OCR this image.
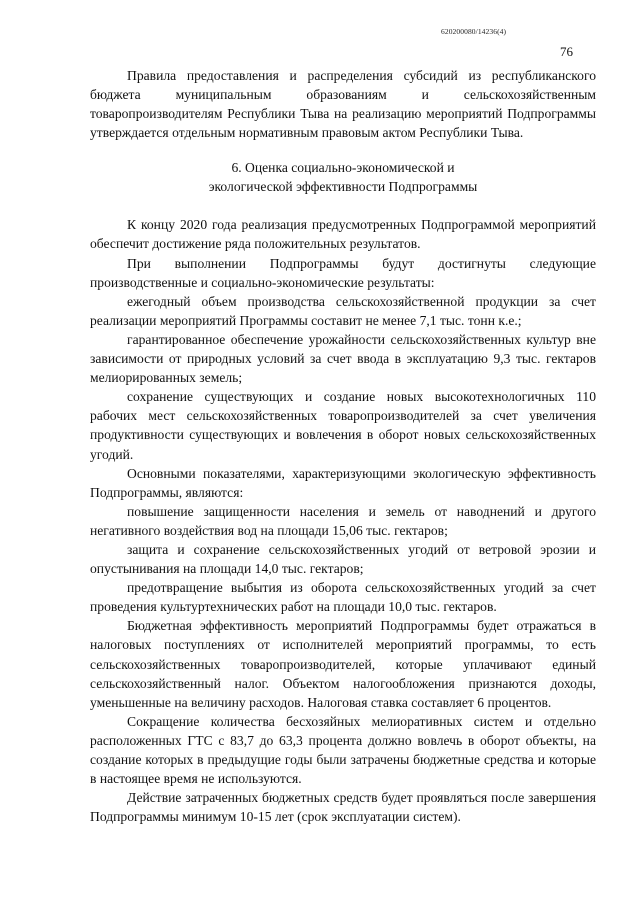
620200080/14236(4)
76

Правила предоставления и распределения субсидий из республиканского бюджета муниципальным образованиям и сельскохозяйственным товаропроизводителям Республики Тыва на реализацию мероприятий Подпрограммы утверждается отдельным нормативным правовым актом Республики Тыва.

6. Оценка социально-экономической и
экологической эффективности Подпрограммы

К концу 2020 года реализация предусмотренных Подпрограммой мероприятий обеспечит достижение ряда положительных результатов.

При выполнении Подпрограммы будут достигнуты следующие производственные и социально-экономические результаты:

ежегодный объем производства сельскохозяйственной продукции за счет реализации мероприятий Программы составит не менее 7,1 тыс. тонн к.е.;

гарантированное обеспечение урожайности сельскохозяйственных культур вне зависимости от природных условий за счет ввода в эксплуатацию 9,3 тыс. гектаров мелиорированных земель;

сохранение существующих и создание новых высокотехнологичных 110 рабочих мест сельскохозяйственных товаропроизводителей за счет увеличения продуктивности существующих и вовлечения в оборот новых сельскохозяйственных угодий.

Основными показателями, характеризующими экологическую эффективность Подпрограммы, являются:

повышение защищенности населения и земель от наводнений и другого негативного воздействия вод на площади 15,06 тыс. гектаров;

защита и сохранение сельскохозяйственных угодий от ветровой эрозии и опустынивания на площади 14,0 тыс. гектаров;

предотвращение выбытия из оборота сельскохозяйственных угодий за счет проведения культуртехнических работ на площади 10,0 тыс. гектаров.

Бюджетная эффективность мероприятий Подпрограммы будет отражаться в налоговых поступлениях от исполнителей мероприятий программы, то есть сельскохозяйственных товаропроизводителей, которые уплачивают единый сельскохозяйственный налог. Объектом налогообложения признаются доходы, уменьшенные на величину расходов. Налоговая ставка составляет 6 процентов.

Сокращение количества бесхозяйных мелиоративных систем и отдельно расположенных ГТС с 83,7 до 63,3 процента должно вовлечь в оборот объекты, на создание которых в предыдущие годы были затрачены бюджетные средства и которые в настоящее время не используются.

Действие затраченных бюджетных средств будет проявляться после завершения Подпрограммы минимум 10-15 лет (срок эксплуатации систем).
